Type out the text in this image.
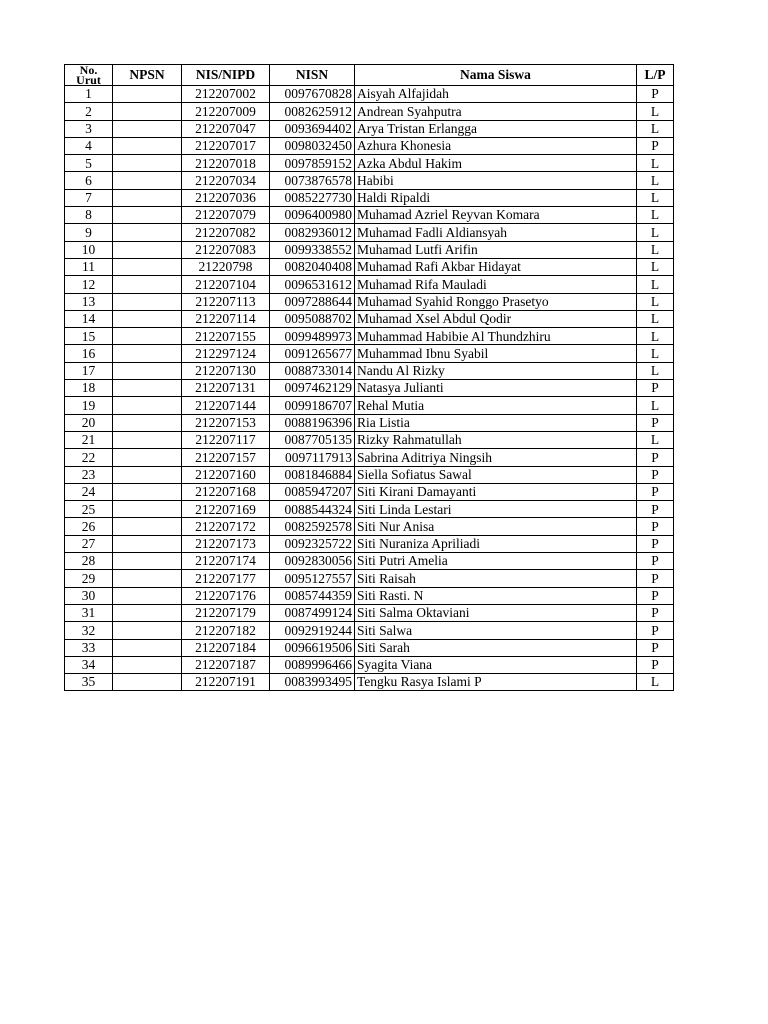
No.
Urut	NPSN	NIS/NIPD	NISN	Nama Siswa	L/P
1		212207002	0097670828	Aisyah Alfajidah	P
2		212207009	0082625912	Andrean Syahputra	L
3		212207047	0093694402	Arya Tristan Erlangga	L
4		212207017	0098032450	Azhura Khonesia	P
5		212207018	0097859152	Azka Abdul Hakim	L
6		212207034	0073876578	Habibi	L
7		212207036	0085227730	Haldi Ripaldi	L
8		212207079	0096400980	Muhamad Azriel Reyvan Komara	L
9		212207082	0082936012	Muhamad Fadli Aldiansyah	L
10		212207083	0099338552	Muhamad Lutfi Arifin	L
11		21220798	0082040408	Muhamad Rafi Akbar Hidayat	L
12		212207104	0096531612	Muhamad Rifa Mauladi	L
13		212207113	0097288644	Muhamad Syahid Ronggo Prasetyo	L
14		212207114	0095088702	Muhamad Xsel Abdul Qodir	L
15		212207155	0099489973	Muhammad Habibie Al Thundzhiru	L
16		212297124	0091265677	Muhammad Ibnu Syabil	L
17		212207130	0088733014	Nandu Al Rizky	L
18		212207131	0097462129	Natasya Julianti	P
19		212207144	0099186707	Rehal Mutia	L
20		212207153	0088196396	Ria Listia	P
21		212207117	0087705135	Rizky Rahmatullah	L
22		212207157	0097117913	Sabrina Aditriya Ningsih	P
23		212207160	0081846884	Siella Sofiatus Sawal	P
24		212207168	0085947207	Siti Kirani Damayanti	P
25		212207169	0088544324	Siti Linda Lestari	P
26		212207172	0082592578	Siti Nur Anisa	P
27		212207173	0092325722	Siti Nuraniza Apriliadi	P
28		212207174	0092830056	Siti Putri Amelia	P
29		212207177	0095127557	Siti Raisah	P
30		212207176	0085744359	Siti Rasti. N	P
31		212207179	0087499124	Siti Salma Oktaviani	P
32		212207182	0092919244	Siti Salwa	P
33		212207184	0096619506	Siti Sarah	P
34		212207187	0089996466	Syagita Viana	P
35		212207191	0083993495	Tengku Rasya Islami P	L
